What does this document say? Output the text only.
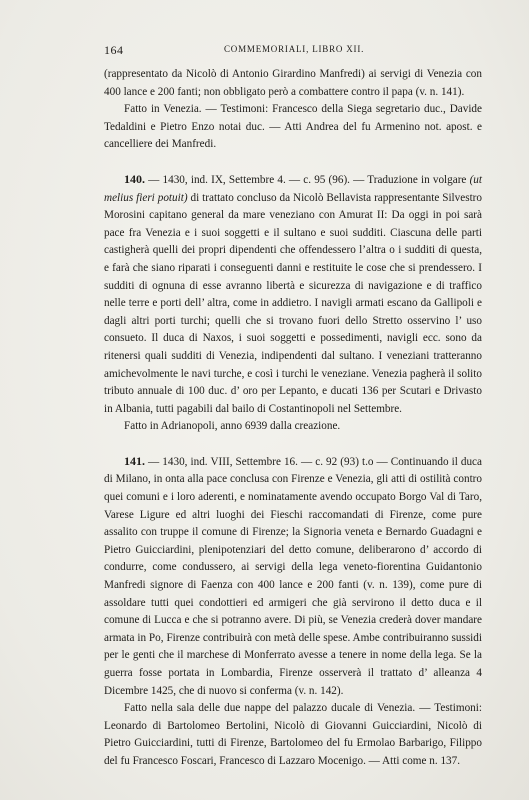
164	COMMEMORIALI, LIBRO XII.

(rappresentato da Nicolò di Antonio Girardino Manfredi) ai servigi di Venezia con 400 lance e 200 fanti; non obbligato però a combattere contro il papa (v. n. 141).

Fatto in Venezia. — Testimoni: Francesco della Siega segretario duc., Davide Tedaldini e Pietro Enzo notai duc. — Atti Andrea del fu Armenino not. apost. e cancelliere dei Manfredi.

140. — 1430, ind. IX, Settembre 4. — c. 95 (96). — Traduzione in volgare (ut melius fieri potuit) di trattato concluso da Nicolò Bellavista rappresentante Silvestro Morosini capitano general da mare veneziano con Amurat II: Da oggi in poi sarà pace fra Venezia e i suoi soggetti e il sultano e suoi sudditi. Ciascuna delle parti castigherà quelli dei propri dipendenti che offendessero l’altra o i sudditi di questa, e farà che siano riparati i conseguenti danni e restituite le cose che si prendessero. I sudditi di ognuna di esse avranno libertà e sicurezza di navigazione e di traffico nelle terre e porti dell’ altra, come in addietro. I navigli armati escano da Gallipoli e dagli altri porti turchi; quelli che si trovano fuori dello Stretto osservino l’ uso consueto. Il duca di Naxos, i suoi soggetti e possedimenti, navigli ecc. sono da ritenersi quali sudditi di Venezia, indipendenti dal sultano. I veneziani tratteranno amichevolmente le navi turche, e così i turchi le veneziane. Venezia pagherà il solito tributo annuale di 100 duc. d’ oro per Lepanto, e ducati 136 per Scutari e Drivasto in Albania, tutti pagabili dal bailo di Costantinopoli nel Settembre.

Fatto in Adrianopoli, anno 6939 dalla creazione.

141. — 1430, ind. VIII, Settembre 16. — c. 92 (93) t.o — Continuando il duca di Milano, in onta alla pace conclusa con Firenze e Venezia, gli atti di ostilità contro quei comuni e i loro aderenti, e nominatamente avendo occupato Borgo Val di Taro, Varese Ligure ed altri luoghi dei Fieschi raccomandati di Firenze, come pure assalito con truppe il comune di Firenze; la Signoria veneta e Bernardo Guadagni e Pietro Guicciardini, plenipotenziari del detto comune, deliberarono d’ accordo di condurre, come condussero, ai servigi della lega veneto-fiorentina Guidantonio Manfredi signore di Faenza con 400 lance e 200 fanti (v. n. 139), come pure di assoldare tutti quei condottieri ed armigeri che già servirono il detto duca e il comune di Lucca e che si potranno avere. Di più, se Venezia crederà dover mandare armata in Po, Firenze contribuirà con metà delle spese. Ambe contribuiranno sussidi per le genti che il marchese di Monferrato avesse a tenere in nome della lega. Se la guerra fosse portata in Lombardia, Firenze osserverà il trattato d’ alleanza 4 Dicembre 1425, che di nuovo si conferma (v. n. 142).

Fatto nella sala delle due nappe del palazzo ducale di Venezia. — Testimoni: Leonardo di Bartolomeo Bertolini, Nicolò di Giovanni Guicciardini, Nicolò di Pietro Guicciardini, tutti di Firenze, Bartolomeo del fu Ermolao Barbarigo, Filippo del fu Francesco Foscari, Francesco di Lazzaro Mocenigo. — Atti come n. 137.
